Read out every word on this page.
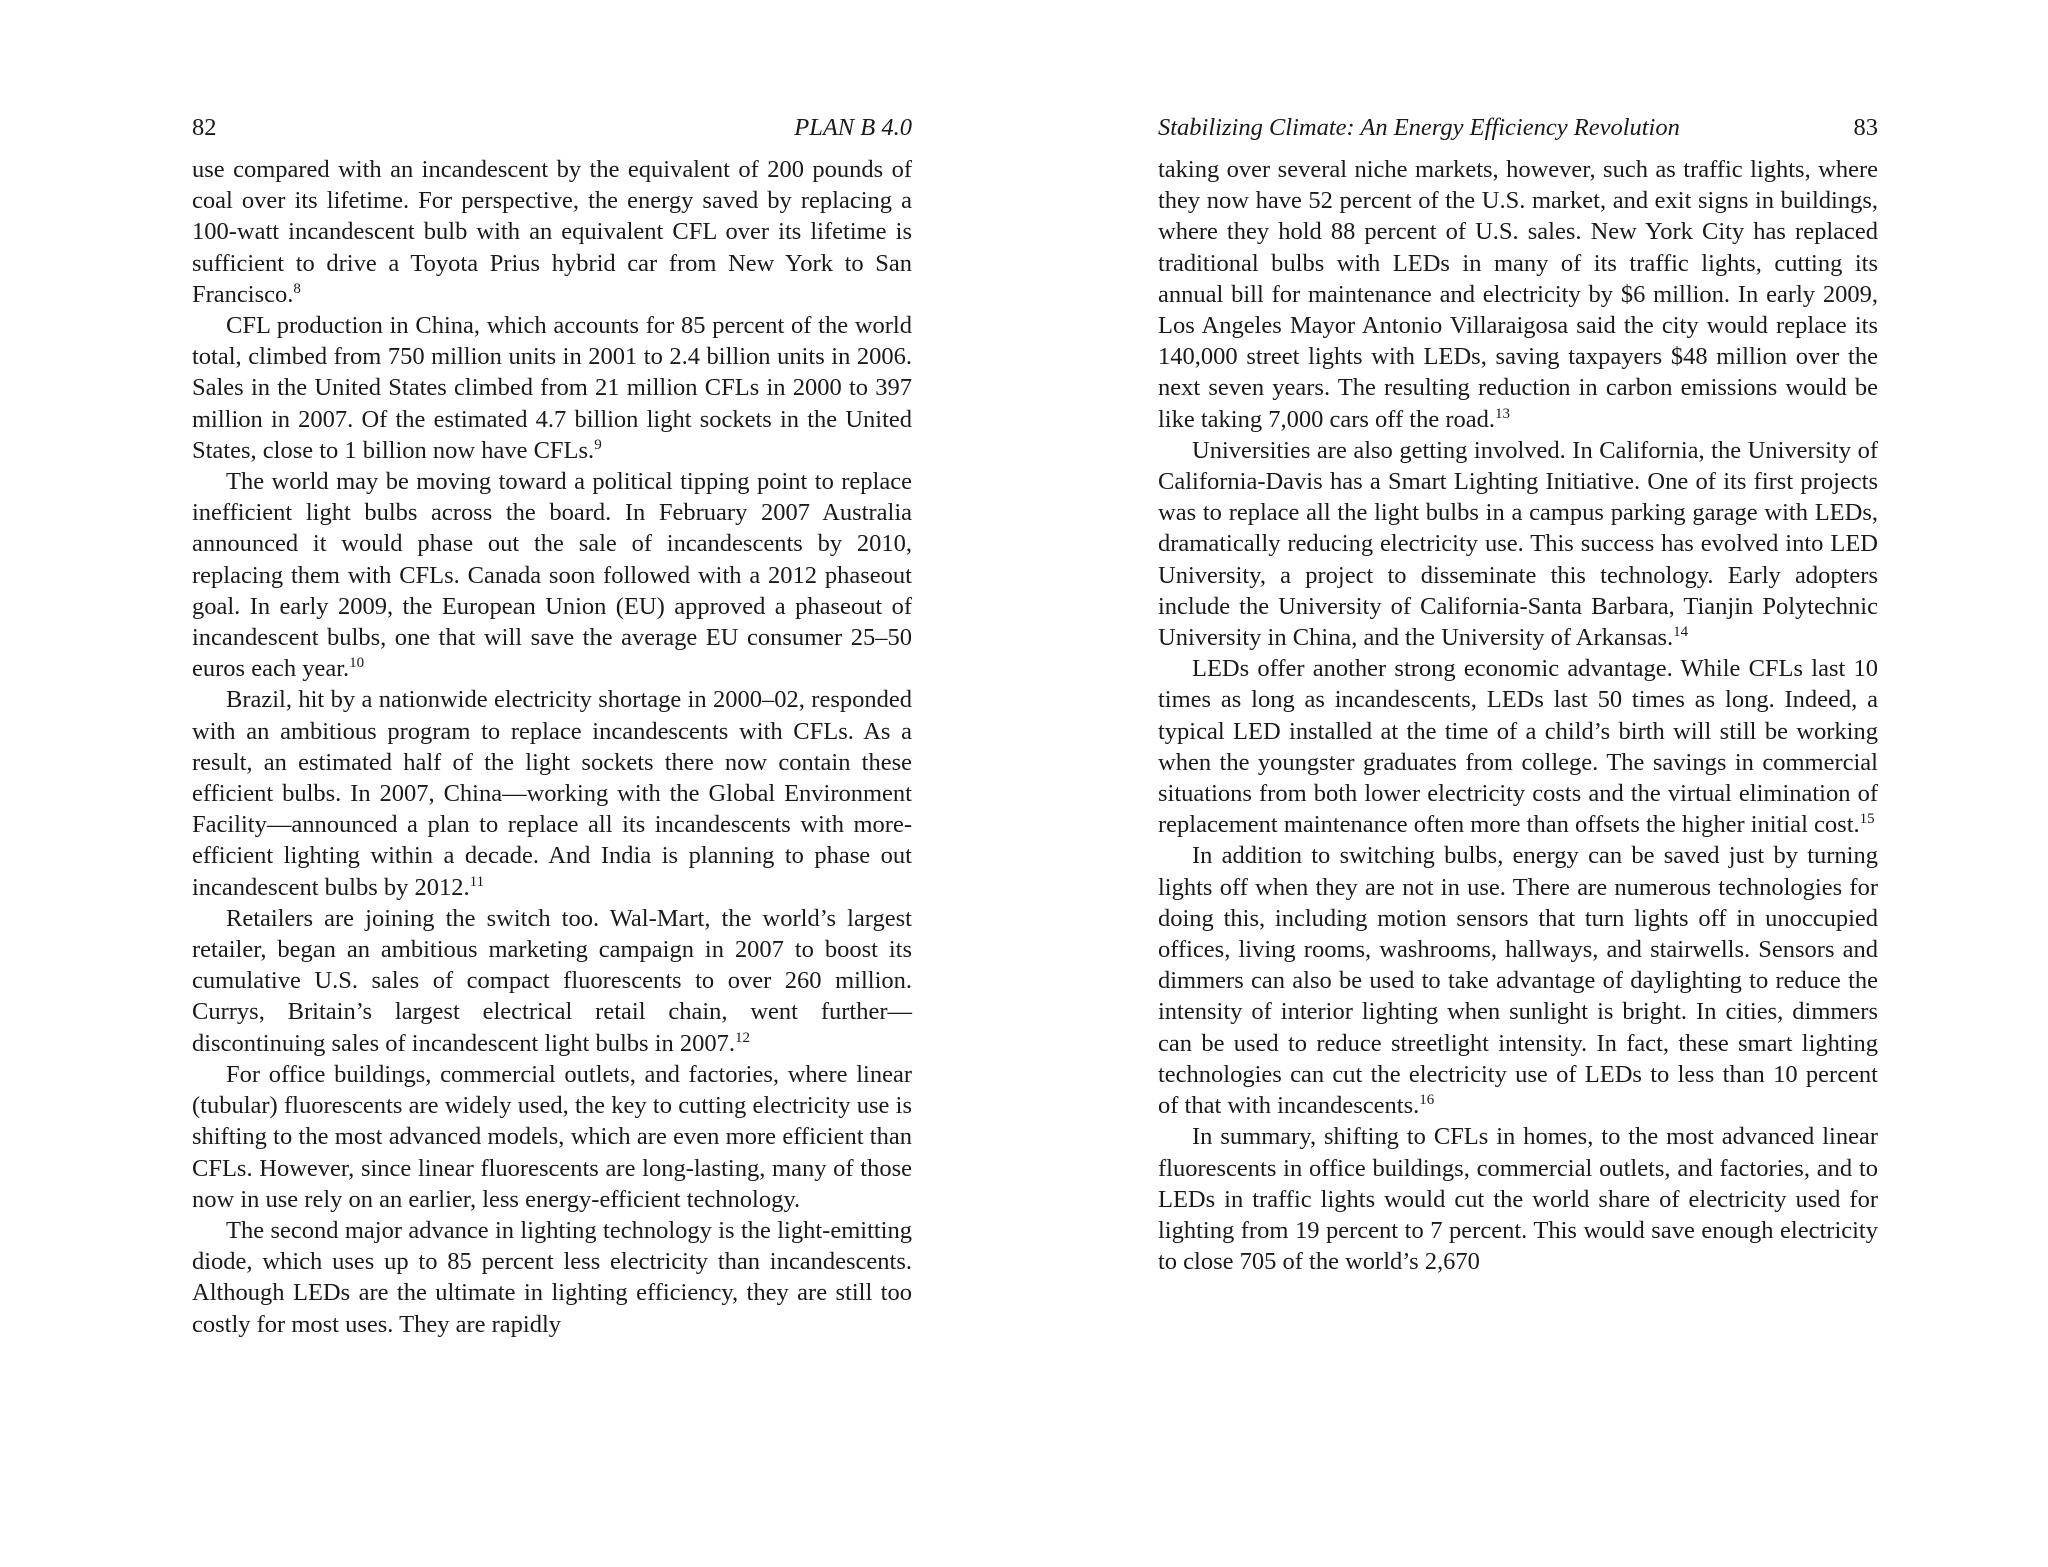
82	PLAN B 4.0

use compared with an incandescent by the equivalent of 200 pounds of coal over its lifetime. For perspective, the energy saved by replacing a 100-watt incandescent bulb with an equivalent CFL over its lifetime is sufficient to drive a Toyota Prius hybrid car from New York to San Francisco.$^8$

CFL production in China, which accounts for 85 percent of the world total, climbed from 750 million units in 2001 to 2.4 billion units in 2006. Sales in the United States climbed from 21 million CFLs in 2000 to 397 million in 2007. Of the estimated 4.7 billion light sockets in the United States, close to 1 billion now have CFLs.$^9$

The world may be moving toward a political tipping point to replace inefficient light bulbs across the board. In February 2007 Australia announced it would phase out the sale of incandescents by 2010, replacing them with CFLs. Canada soon followed with a 2012 phaseout goal. In early 2009, the European Union (EU) approved a phaseout of incandescent bulbs, one that will save the average EU consumer 25–50 euros each year.$^{10}$

Brazil, hit by a nationwide electricity shortage in 2000–02, responded with an ambitious program to replace incandescents with CFLs. As a result, an estimated half of the light sockets there now contain these efficient bulbs. In 2007, China—working with the Global Environment Facility—announced a plan to replace all its incandescents with more-efficient lighting within a decade. And India is planning to phase out incandescent bulbs by 2012.11

Retailers are joining the switch too. Wal-Mart, the world’s largest retailer, began an ambitious marketing campaign in 2007 to boost its cumulative U.S. sales of compact fluorescents to over 260 million. Currys, Britain’s largest electrical retail chain, went further—discontinuing sales of incandescent light bulbs in 2007.12

For office buildings, commercial outlets, and factories, where linear (tubular) fluorescents are widely used, the key to cutting electricity use is shifting to the most advanced models, which are even more efficient than CFLs. However, since linear fluorescents are long-lasting, many of those now in use rely on an earlier, less energy-efficient technology.

The second major advance in lighting technology is the light-emitting diode, which uses up to 85 percent less electricity than incandescents. Although LEDs are the ultimate in lighting efficiency, they are still too costly for most uses. They are rapidly

Stabilizing Climate: An Energy Efficiency Revolution	83

taking over several niche markets, however, such as traffic lights, where they now have 52 percent of the U.S. market, and exit signs in buildings, where they hold 88 percent of U.S. sales. New York City has replaced traditional bulbs with LEDs in many of its traffic lights, cutting its annual bill for maintenance and electricity by $6 million. In early 2009, Los Angeles Mayor Antonio Villaraigosa said the city would replace its 140,000 street lights with LEDs, saving taxpayers $48 million over the next seven years. The resulting reduction in carbon emissions would be like taking 7,000 cars off the road.$^{13}$

Universities are also getting involved. In California, the University of California-Davis has a Smart Lighting Initiative. One of its first projects was to replace all the light bulbs in a campus parking garage with LEDs, dramatically reducing electricity use. This success has evolved into LED University, a project to disseminate this technology. Early adopters include the University of California-Santa Barbara, Tianjin Polytechnic University in China, and the University of Arkansas.$^{14}$

LEDs offer another strong economic advantage. While CFLs last 10 times as long as incandescents, LEDs last 50 times as long. Indeed, a typical LED installed at the time of a child’s birth will still be working when the youngster graduates from college. The savings in commercial situations from both lower electricity costs and the virtual elimination of replacement maintenance often more than offsets the higher initial cost.$^{15}$

In addition to switching bulbs, energy can be saved just by turning lights off when they are not in use. There are numerous technologies for doing this, including motion sensors that turn lights off in unoccupied offices, living rooms, washrooms, hallways, and stairwells. Sensors and dimmers can also be used to take advantage of daylighting to reduce the intensity of interior lighting when sunlight is bright. In cities, dimmers can be used to reduce streetlight intensity. In fact, these smart lighting technologies can cut the electricity use of LEDs to less than 10 percent of that with incandescents.$^{16}$

In summary, shifting to CFLs in homes, to the most advanced linear fluorescents in office buildings, commercial outlets, and factories, and to LEDs in traffic lights would cut the world share of electricity used for lighting from 19 percent to 7 percent. This would save enough electricity to close 705 of the world’s 2,670
